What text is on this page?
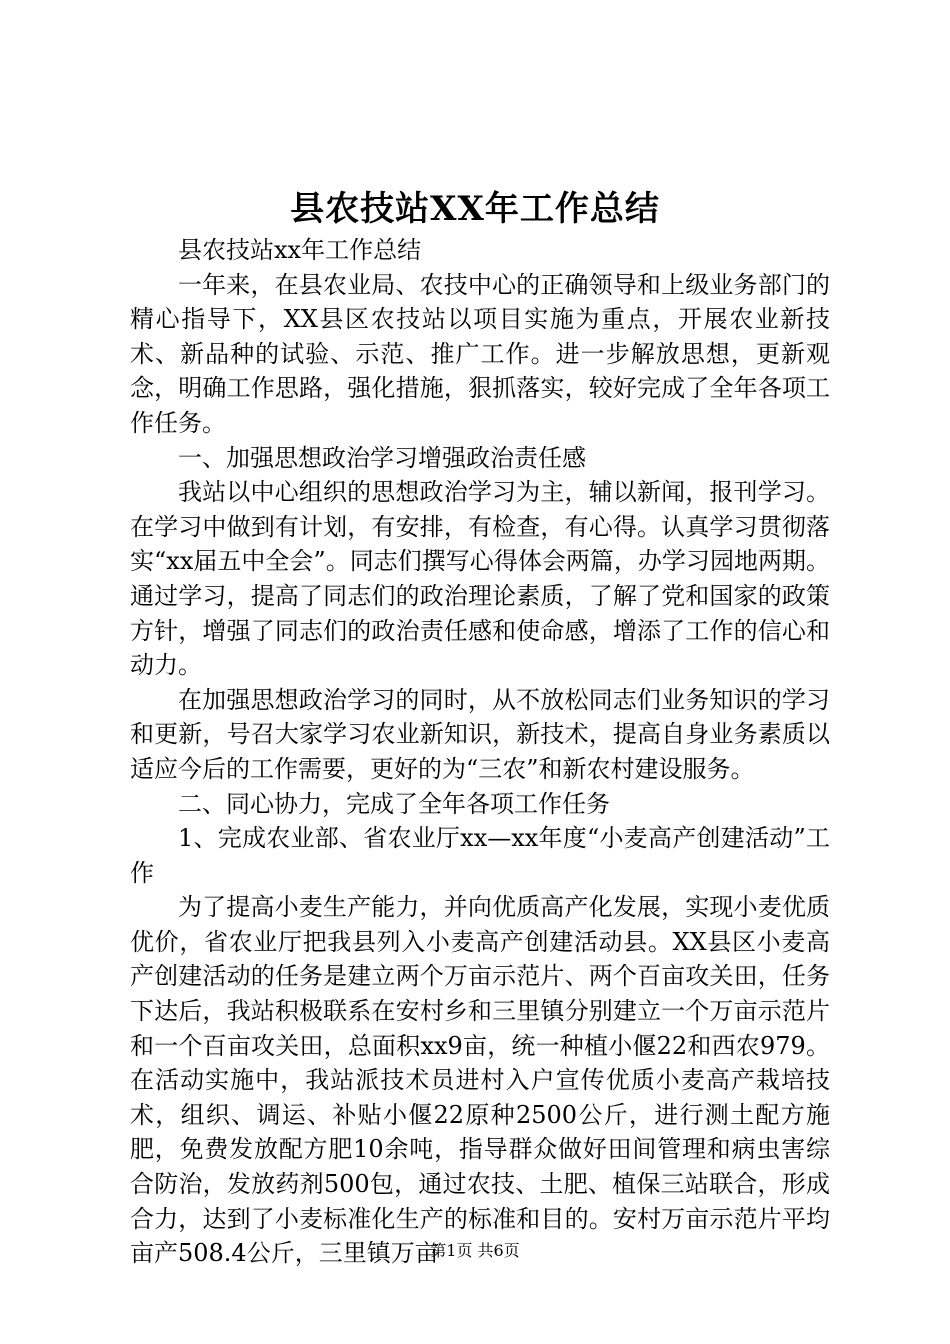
县农技站XX年工作总结

县农技站xx年工作总结

一年来，在县农业局、农技中心的正确领导和上级业务部门的精心指导下，XX县区农技站以项目实施为重点，开展农业新技术、新品种的试验、示范、推广工作。进一步解放思想，更新观念，明确工作思路，强化措施，狠抓落实，较好完成了全年各项工作任务。

一、加强思想政治学习增强政治责任感

我站以中心组织的思想政治学习为主，辅以新闻，报刊学习。在学习中做到有计划，有安排，有检查，有心得。认真学习贯彻落实“xx届五中全会”。同志们撰写心得体会两篇，办学习园地两期。通过学习，提高了同志们的政治理论素质，了解了党和国家的政策方针，增强了同志们的政治责任感和使命感，增添了工作的信心和动力。

在加强思想政治学习的同时，从不放松同志们业务知识的学习和更新，号召大家学习农业新知识，新技术，提高自身业务素质以适应今后的工作需要，更好的为“三农”和新农村建设服务。

二、同心协力，完成了全年各项工作任务

1、完成农业部、省农业厅xx—xx年度“小麦高产创建活动”工作

为了提高小麦生产能力，并向优质高产化发展，实现小麦优质优价，省农业厅把我县列入小麦高产创建活动县。XX县区小麦高产创建活动的任务是建立两个万亩示范片、两个百亩攻关田，任务下达后，我站积极联系在安村乡和三里镇分别建立一个万亩示范片和一个百亩攻关田，总面积xx9亩，统一种植小偃22和西农979。在活动实施中，我站派技术员进村入户宣传优质小麦高产栽培技术，组织、调运、补贴小偃22原种2500公斤，进行测土配方施肥，免费发放配方肥10余吨，指导群众做好田间管理和病虫害综合防治，发放药剂500包，通过农技、土肥、植保三站联合，形成合力，达到了小麦标准化生产的标准和目的。安村万亩示范片平均亩产508.4公斤，三里镇万亩

第1页 共6页
